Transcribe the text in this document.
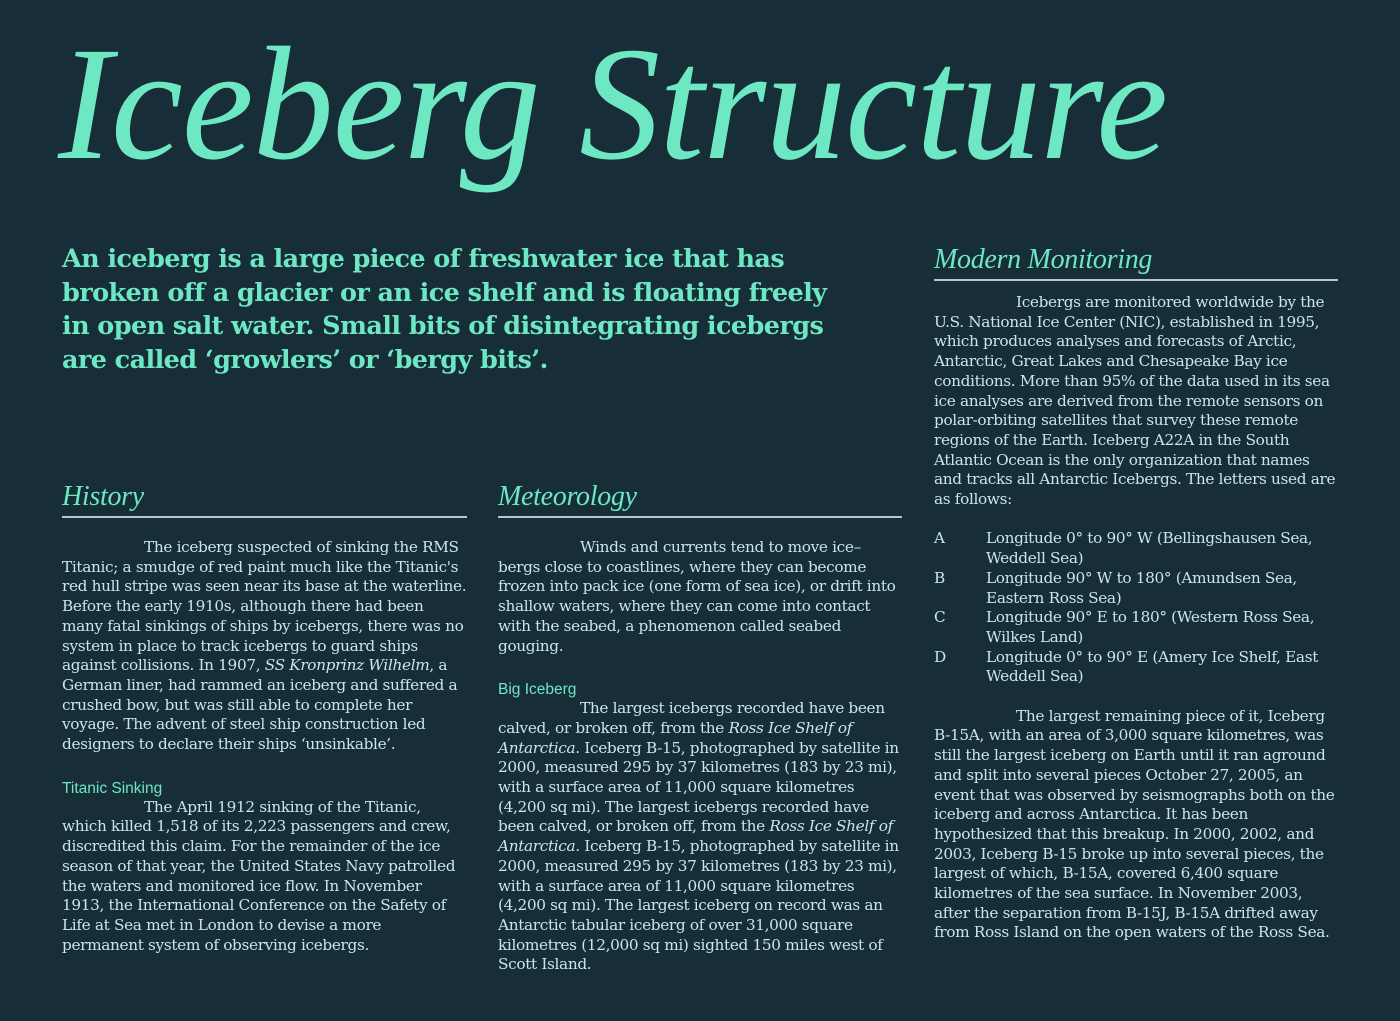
Iceberg Structure

An iceberg is a large piece of freshwater ice that has broken off a glacier or an ice shelf and is floating freely in open salt water. Small bits of disintegrating icebergs are called ‘growlers’ or ‘bergy bits’.

History

The iceberg suspected of sinking the RMS Titanic; a smudge of red paint much like the Titanic's red hull stripe was seen near its base at the waterline. Before the early 1910s, although there had been many fatal sinkings of ships by icebergs, there was no system in place to track icebergs to guard ships against collisions. In 1907, SS Kronprinz Wilhelm, a German liner, had rammed an iceberg and suffered a crushed bow, but was still able to complete her voyage. The advent of steel ship construction led designers to declare their ships ‘unsinkable’.

Titanic Sinking

The April 1912 sinking of the Titanic, which killed 1,518 of its 2,223 passengers and crew, discredited this claim. For the remainder of the ice season of that year, the United States Navy patrolled the waters and monitored ice flow. In November 1913, the International Conference on the Safety of Life at Sea met in London to devise a more permanent system of observing icebergs.

Meteorology

Winds and currents tend to move ice–bergs close to coastlines, where they can become frozen into pack ice (one form of sea ice), or drift into shallow waters, where they can come into contact with the seabed, a phenomenon called seabed gouging.

Big Iceberg

The largest icebergs recorded have been calved, or broken off, from the Ross Ice Shelf of Antarctica. Iceberg B-15, photographed by satellite in 2000, measured 295 by 37 kilometres (183 by 23 mi), with a surface area of 11,000 square kilometres (4,200 sq mi). The largest icebergs recorded have been calved, or broken off, from the Ross Ice Shelf of Antarctica. Iceberg B-15, photographed by satellite in 2000, measured 295 by 37 kilometres (183 by 23 mi), with a surface area of 11,000 square kilometres (4,200 sq mi). The largest iceberg on record was an Antarctic tabular iceberg of over 31,000 square kilometres (12,000 sq mi) sighted 150 miles west of Scott Island.

Modern Monitoring

Icebergs are monitored worldwide by the U.S. National Ice Center (NIC), established in 1995, which produces analyses and forecasts of Arctic, Antarctic, Great Lakes and Chesapeake Bay ice conditions. More than 95% of the data used in its sea ice analyses are derived from the remote sensors on polar-orbiting satellites that survey these remote regions of the Earth. Iceberg A22A in the South Atlantic Ocean is the only organization that names and tracks all Antarctic Icebergs. The letters used are as follows:

A	Longitude 0° to 90° W (Bellingshausen Sea, Weddell Sea)
B	Longitude 90° W to 180° (Amundsen Sea, Eastern Ross Sea)
C	Longitude 90° E to 180° (Western Ross Sea, Wilkes Land)
D	Longitude 0° to 90° E (Amery Ice Shelf, East Weddell Sea)

The largest remaining piece of it, Iceberg B-15A, with an area of 3,000 square kilometres, was still the largest iceberg on Earth until it ran aground and split into several pieces October 27, 2005, an event that was observed by seismographs both on the iceberg and across Antarctica. It has been hypothesized that this breakup. In 2000, 2002, and 2003, Iceberg B-15 broke up into several pieces, the largest of which, B-15A, covered 6,400 square kilometres of the sea surface. In November 2003, after the separation from B-15J, B-15A drifted away from Ross Island on the open waters of the Ross Sea.
